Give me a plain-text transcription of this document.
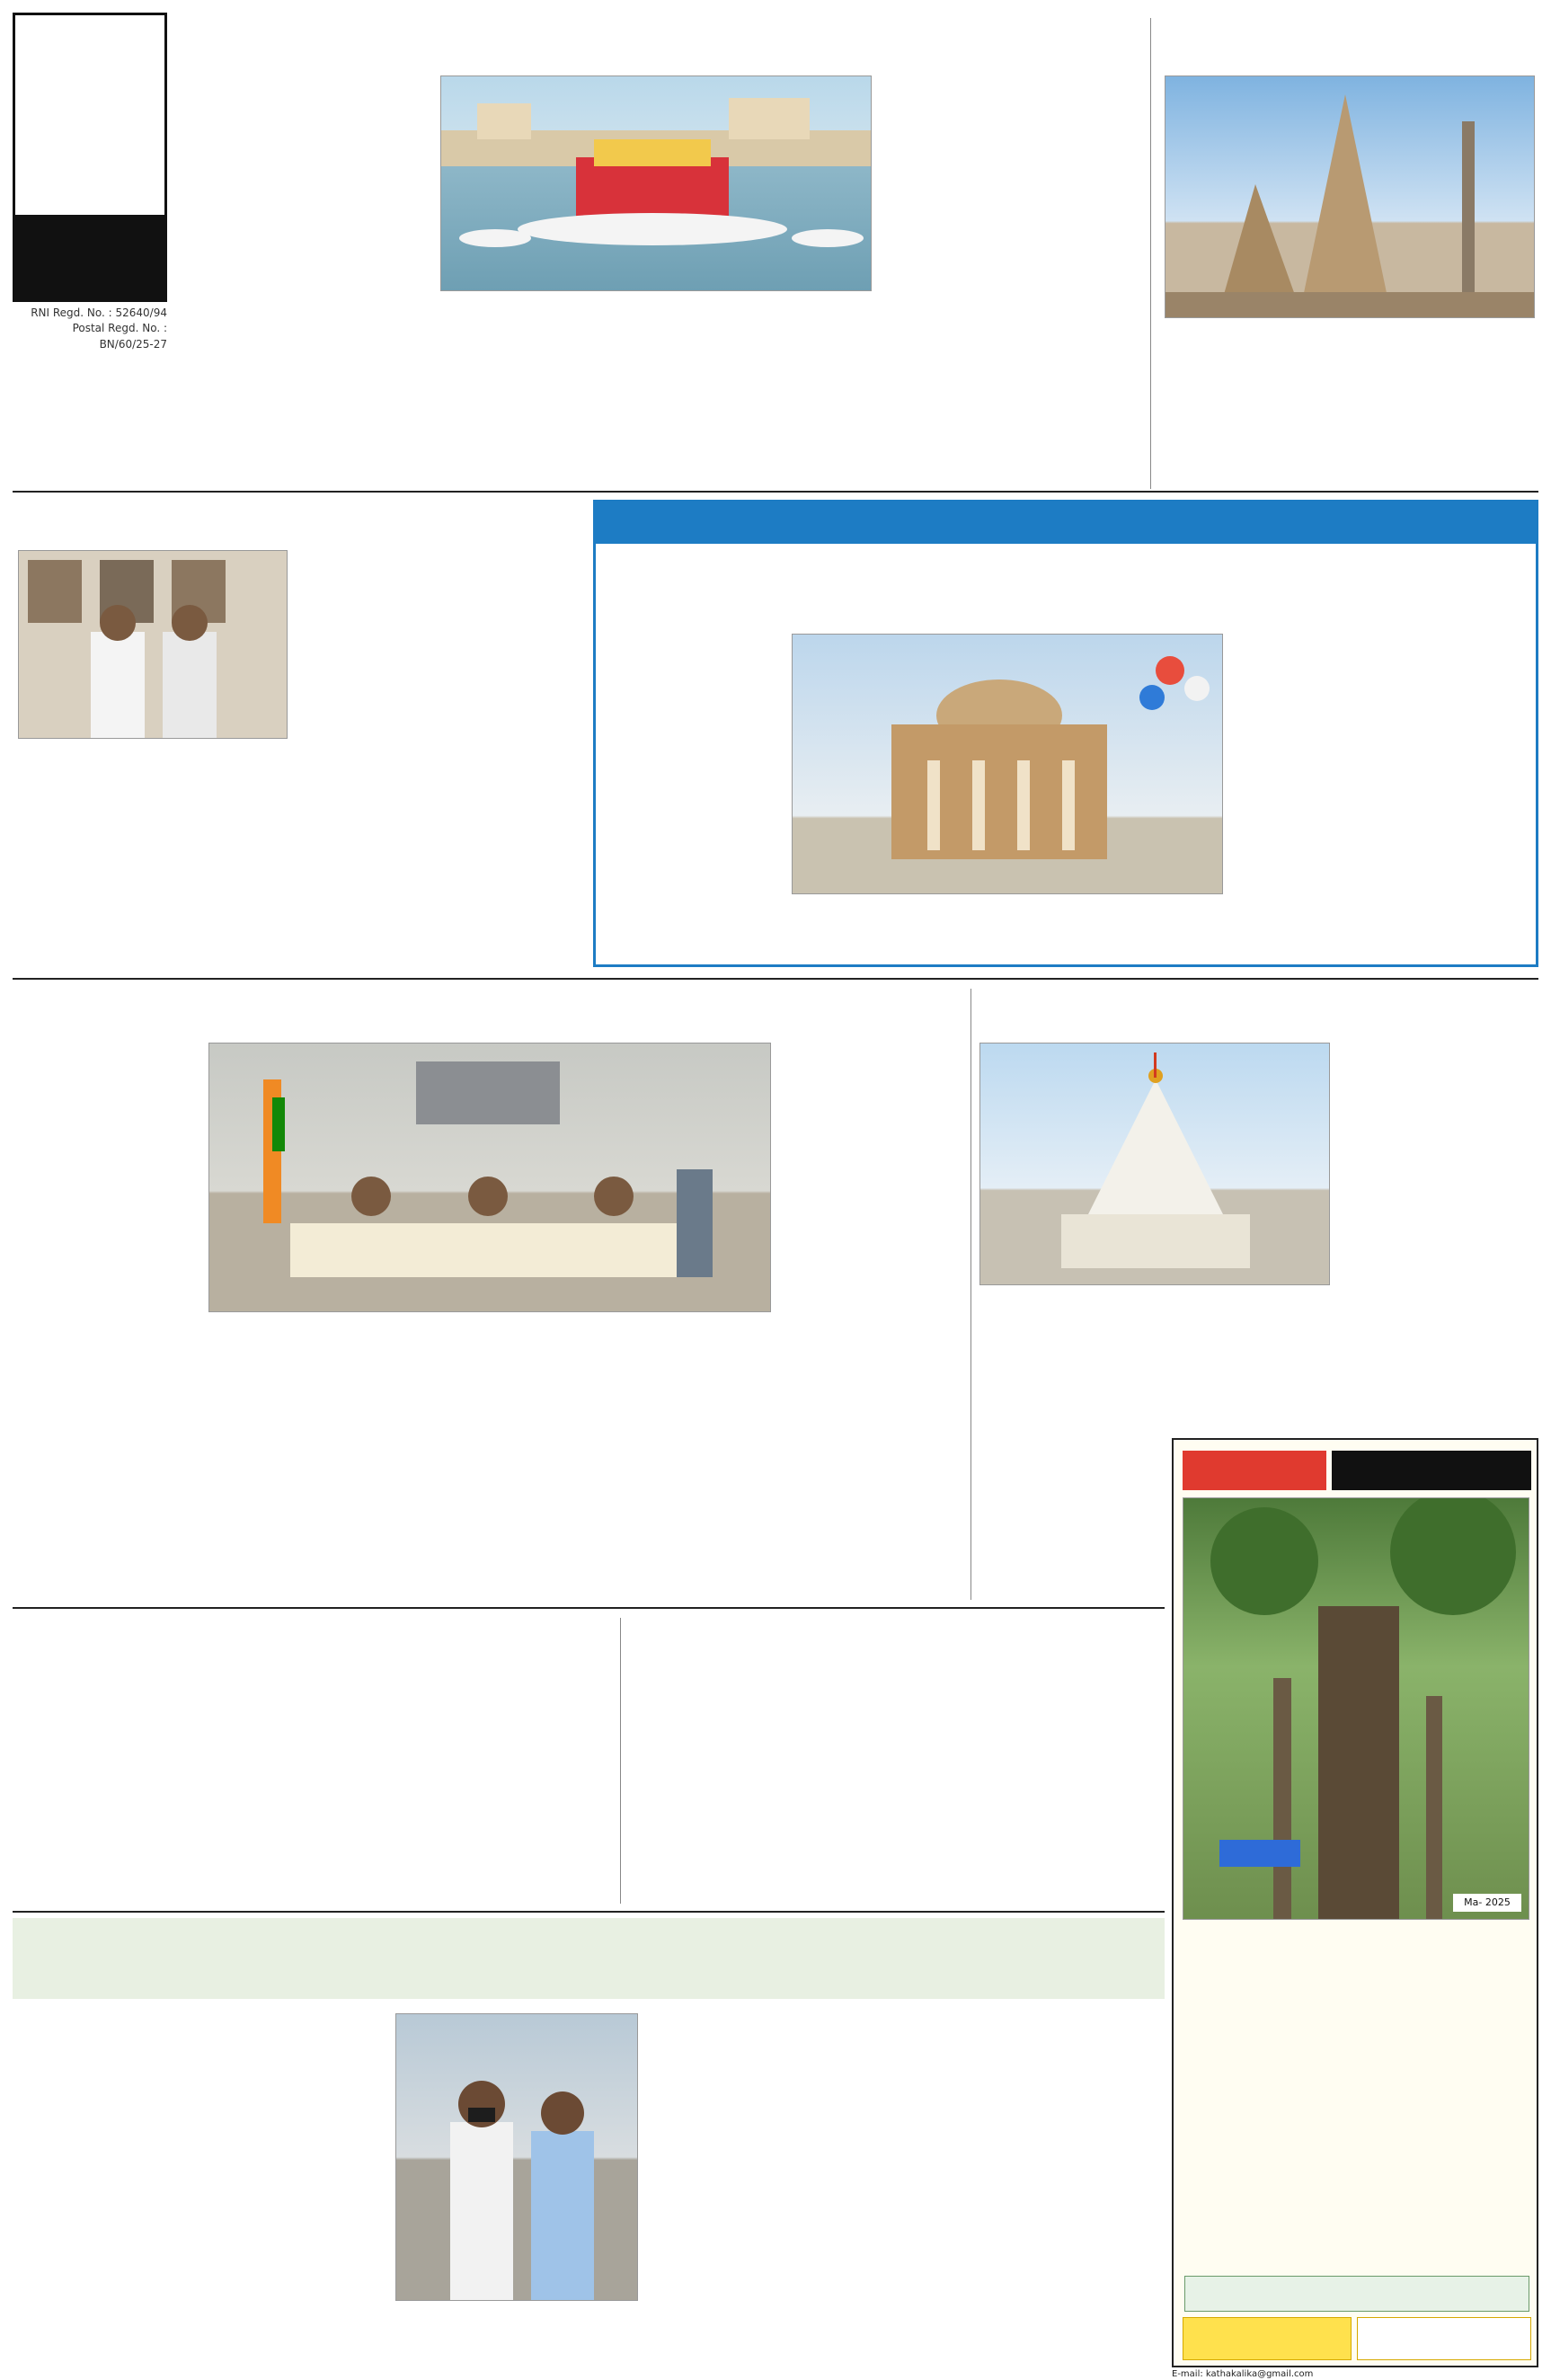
RNI Regd. No. : 52640/94
Postal Regd. No. :
BN/60/25-27
Ma- 2025
E-mail: kathakalika@gmail.com
